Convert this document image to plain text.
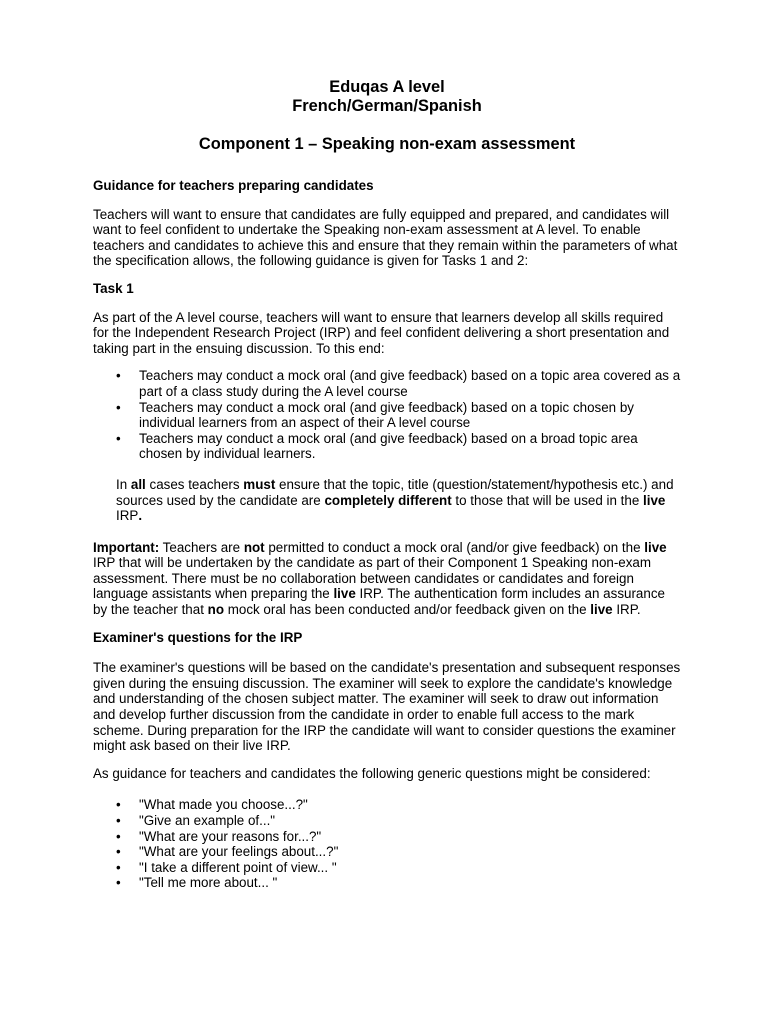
Eduqas A level
French/German/Spanish
Component 1 – Speaking non-exam assessment
Guidance for teachers preparing candidates

Teachers will want to ensure that candidates are fully equipped and prepared, and candidates will want to feel confident to undertake the Speaking non-exam assessment at A level. To enable teachers and candidates to achieve this and ensure that they remain within the parameters of what the specification allows, the following guidance is given for Tasks 1 and 2:

Task 1

As part of the A level course, teachers will want to ensure that learners develop all skills required for the Independent Research Project (IRP) and feel confident delivering a short presentation and taking part in the ensuing discussion. To this end:

• Teachers may conduct a mock oral (and give feedback) based on a topic area covered as a part of a class study during the A level course
• Teachers may conduct a mock oral (and give feedback) based on a topic chosen by individual learners from an aspect of their A level course
• Teachers may conduct a mock oral (and give feedback) based on a broad topic area chosen by individual learners.

In all cases teachers must ensure that the topic, title (question/statement/hypothesis etc.) and sources used by the candidate are completely different to those that will be used in the live IRP.

Important: Teachers are not permitted to conduct a mock oral (and/or give feedback) on the live IRP that will be undertaken by the candidate as part of their Component 1 Speaking non-exam assessment. There must be no collaboration between candidates or candidates and foreign language assistants when preparing the live IRP. The authentication form includes an assurance by the teacher that no mock oral has been conducted and/or feedback given on the live IRP.

Examiner's questions for the IRP

The examiner's questions will be based on the candidate's presentation and subsequent responses given during the ensuing discussion. The examiner will seek to explore the candidate's knowledge and understanding of the chosen subject matter. The examiner will seek to draw out information and develop further discussion from the candidate in order to enable full access to the mark scheme. During preparation for the IRP the candidate will want to consider questions the examiner might ask based on their live IRP.

As guidance for teachers and candidates the following generic questions might be considered:

• "What made you choose...?"
• "Give an example of..."
• "What are your reasons for...?"
• "What are your feelings about...?"
• "I take a different point of view... "
• "Tell me more about... "
